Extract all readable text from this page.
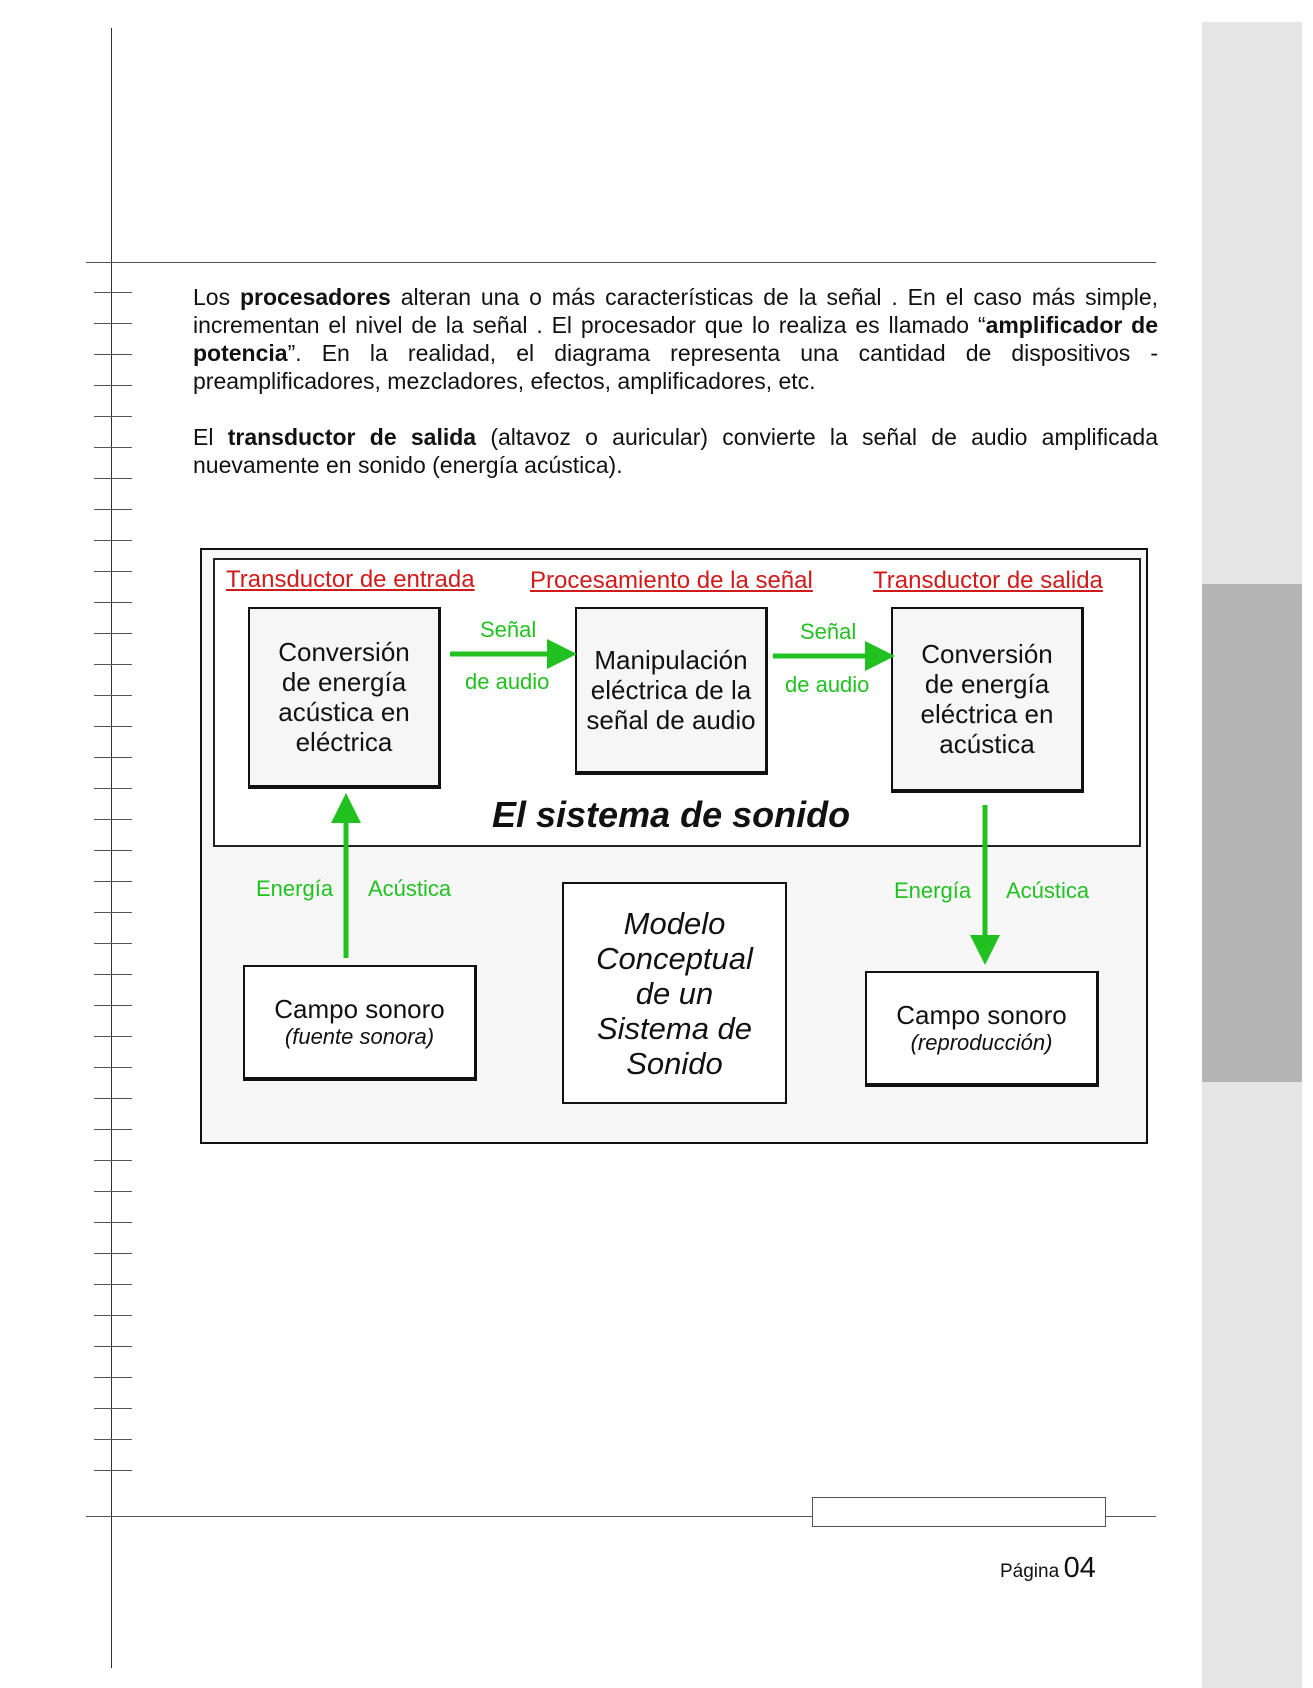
Los procesadores alteran una o más características de la señal . En el caso más simple, incrementan el nivel de la señal . El procesador que lo realiza es llamado “amplificador de potencia”. En la realidad, el diagrama representa una cantidad de dispositivos - preamplificadores, mezcladores, efectos, amplificadores, etc.

El transductor de salida (altavoz o auricular) convierte la señal de audio amplificada nuevamente en sonido (energía acústica).

Transductor de entrada Procesamiento de la señal	Transductor de salida
Conversión de energía acústica en eléctrica
Manipulación eléctrica de la señal de audio
Conversión de energía eléctrica en acústica
Señal
de audio
Señal
de audio
El sistema de sonido
Energía Acústica	Energía Acústica
Campo sonoro
(fuente sonora)
Campo sonoro
(reproducción)
Modelo Conceptual de un Sistema de Sonido
Página 04
